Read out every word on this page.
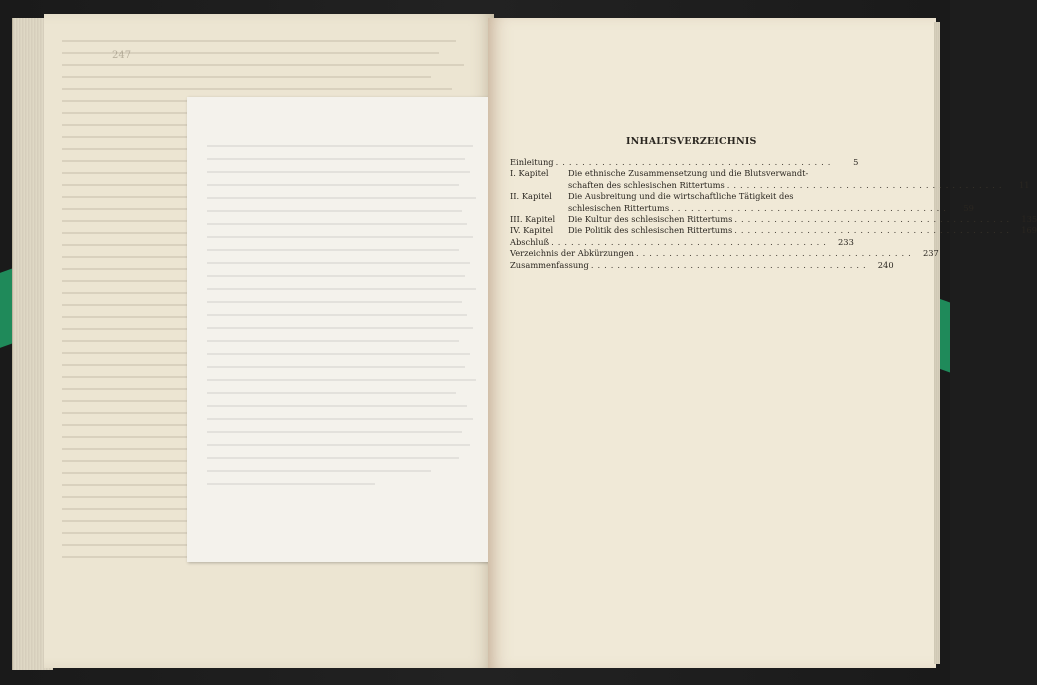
247
INHALTSVERZEICHNIS
Einleitung ..........................................	5
I. Kapitel	Die ethnische Zusammensetzung und die Blutsverwandt-
schaften des schlesischen Rittertums ..........................................	11
II. Kapitel	Die Ausbreitung und die wirtschaftliche Tätigkeit des
schlesischen Rittertums ..........................................	59
III. Kapitel	Die Kultur des schlesischen Rittertums .......................................... 135
IV. Kapitel	Die Politik des schlesischen Rittertums .......................................... 169
Abschluß .......................................... 233
Verzeichnis der Abkürzungen .......................................... 237
Zusammenfassung .......................................... 240
